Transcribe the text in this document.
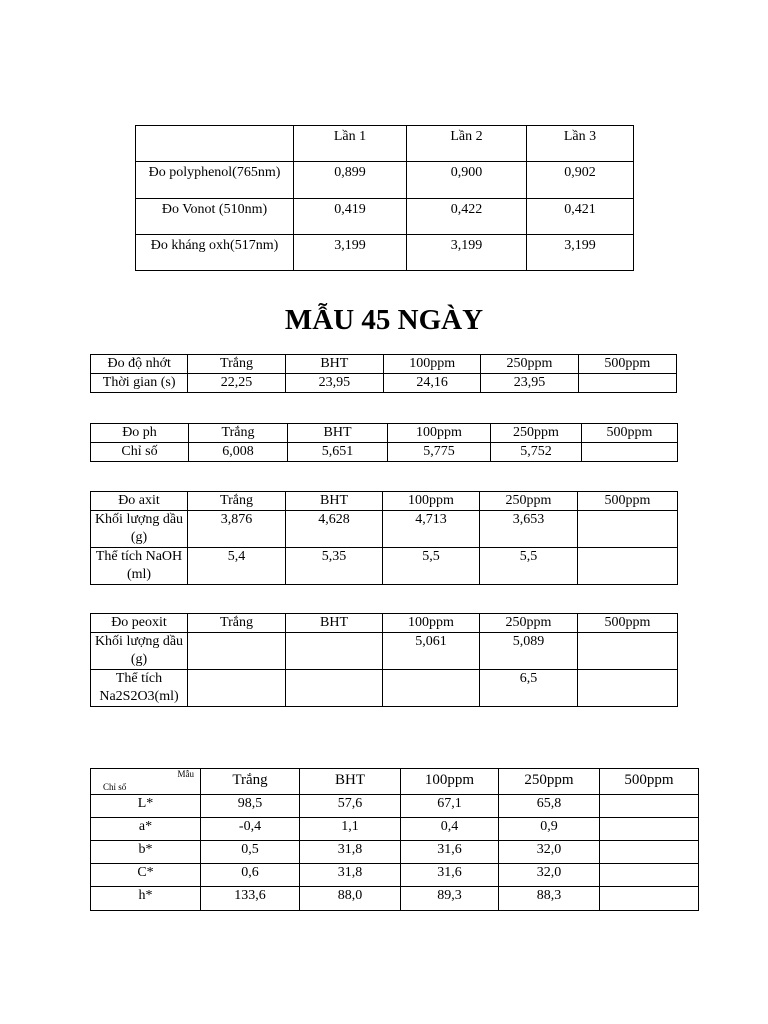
	Lần 1	Lần 2	Lần 3
Đo polyphenol(765nm)	0,899	0,900	0,902
Đo Vonot (510nm)	0,419	0,422	0,421
Đo kháng oxh(517nm)	3,199	3,199	3,199
MẪU 45 NGÀY
Đo độ nhớt	Trắng	BHT	100ppm	250ppm	500ppm
Thời gian (s)	22,25	23,95	24,16	23,95	
Đo ph	Trắng	BHT	100ppm	250ppm	500ppm
Chỉ số	6,008	5,651	5,775	5,752	
Đo axit	Trắng	BHT	100ppm	250ppm	500ppm
Khối lượng dầu (g)	3,876	4,628	4,713	3,653	
Thể tích NaOH (ml)	5,4	5,35	5,5	5,5	
Đo peoxit	Trắng	BHT	100ppm	250ppm	500ppm
Khối lượng dầu (g)			5,061	5,089	
Thể tích Na2S2O3(ml)				6,5	
Mẫu
Chỉ số	Trắng	BHT	100ppm	250ppm	500ppm
L*	98,5	57,6	67,1	65,8	
a*	-0,4	1,1	0,4	0,9	
b*	0,5	31,8	31,6	32,0	
C*	0,6	31,8	31,6	32,0	
h*	133,6	88,0	89,3	88,3	
